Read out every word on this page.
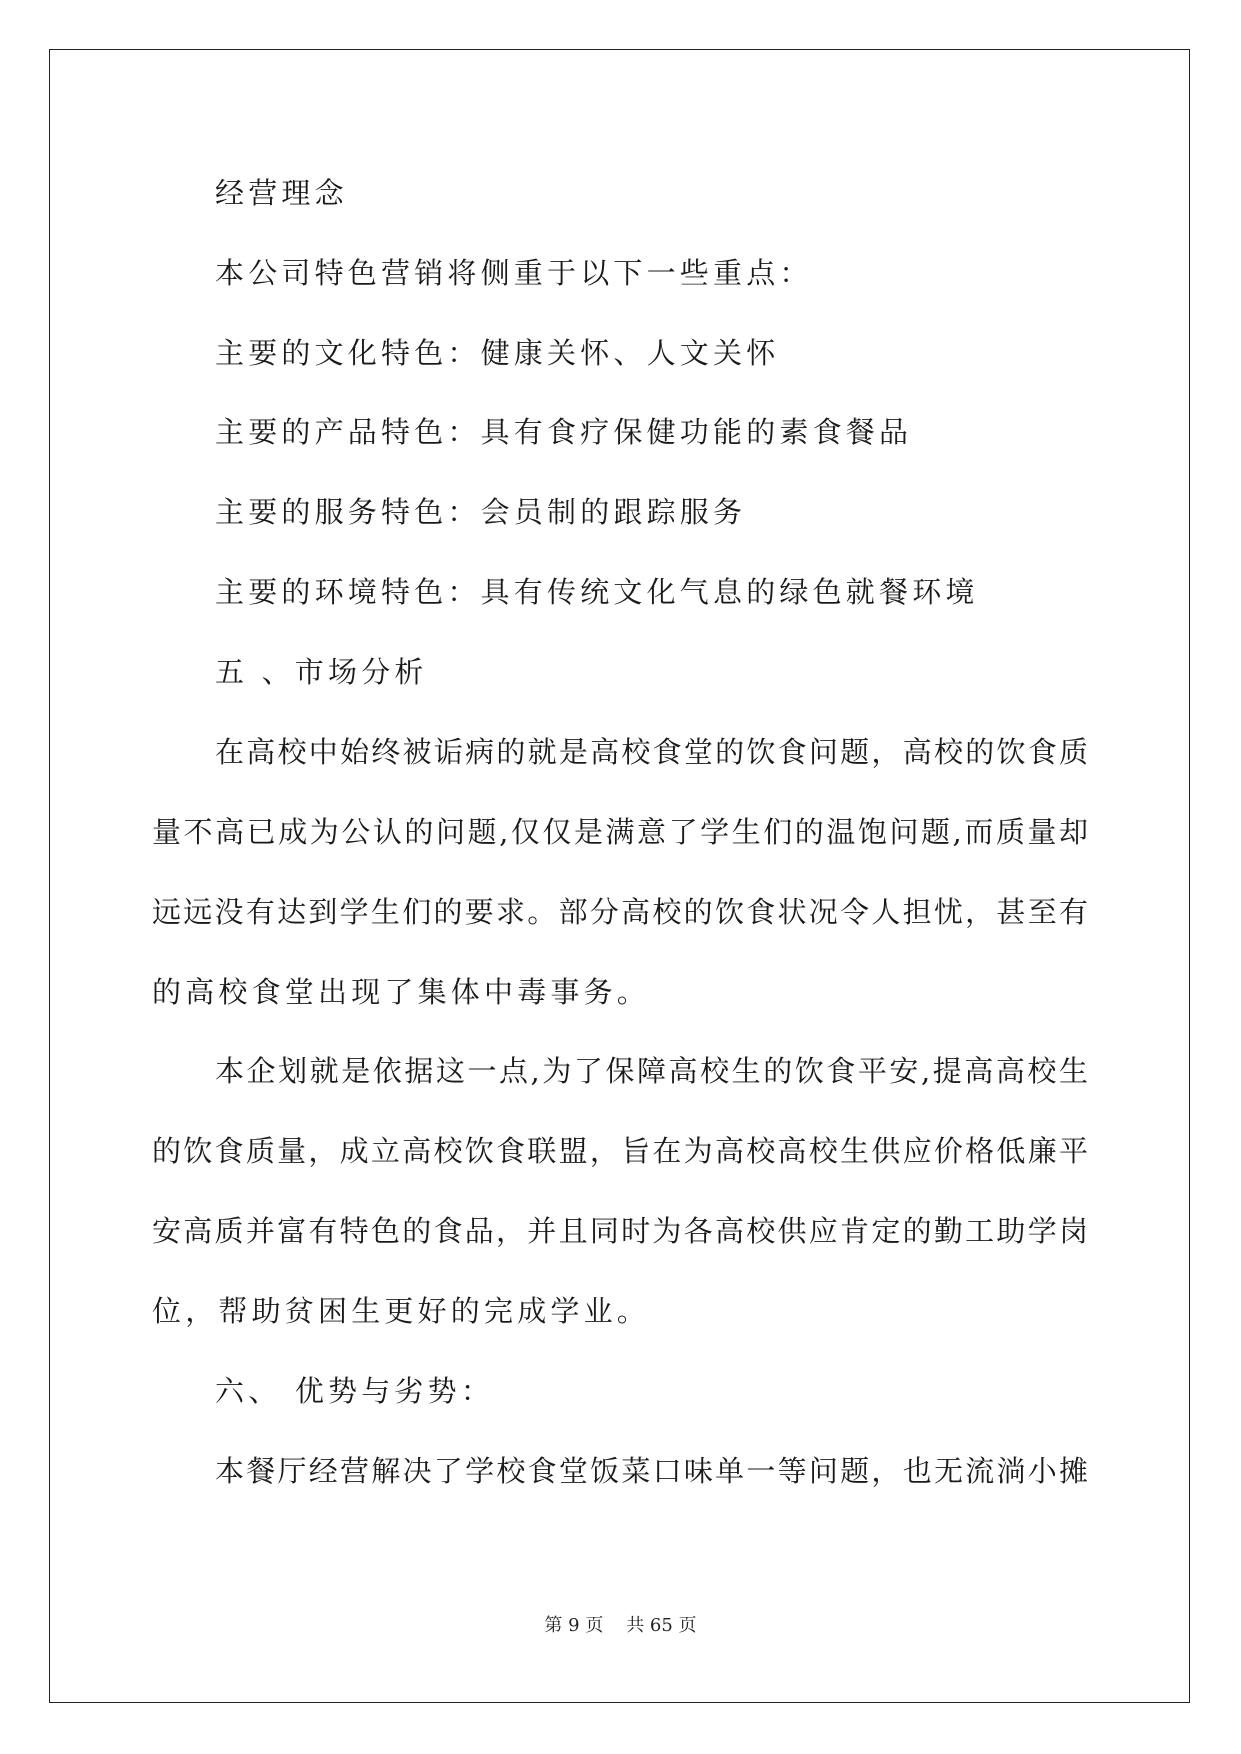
经营理念
本公司特色营销将侧重于以下一些重点：
主要的文化特色：健康关怀、人文关怀
主要的产品特色：具有食疗保健功能的素食餐品
主要的服务特色：会员制的跟踪服务
主要的环境特色：具有传统文化气息的绿色就餐环境
五 、市场分析
在高校中始终被诟病的就是高校食堂的饮食问题，高校的饮食质
量不高已成为公认的问题,仅仅是满意了学生们的温饱问题,而质量却
远远没有达到学生们的要求。部分高校的饮食状况令人担忧，甚至有
的高校食堂出现了集体中毒事务。
本企划就是依据这一点,为了保障高校生的饮食平安,提高高校生
的饮食质量，成立高校饮食联盟，旨在为高校高校生供应价格低廉平
安高质并富有特色的食品，并且同时为各高校供应肯定的勤工助学岗
位，帮助贫困生更好的完成学业。
六、 优势与劣势：
本餐厅经营解决了学校食堂饭菜口味单一等问题，也无流淌小摊
第 9 页    共 65 页
